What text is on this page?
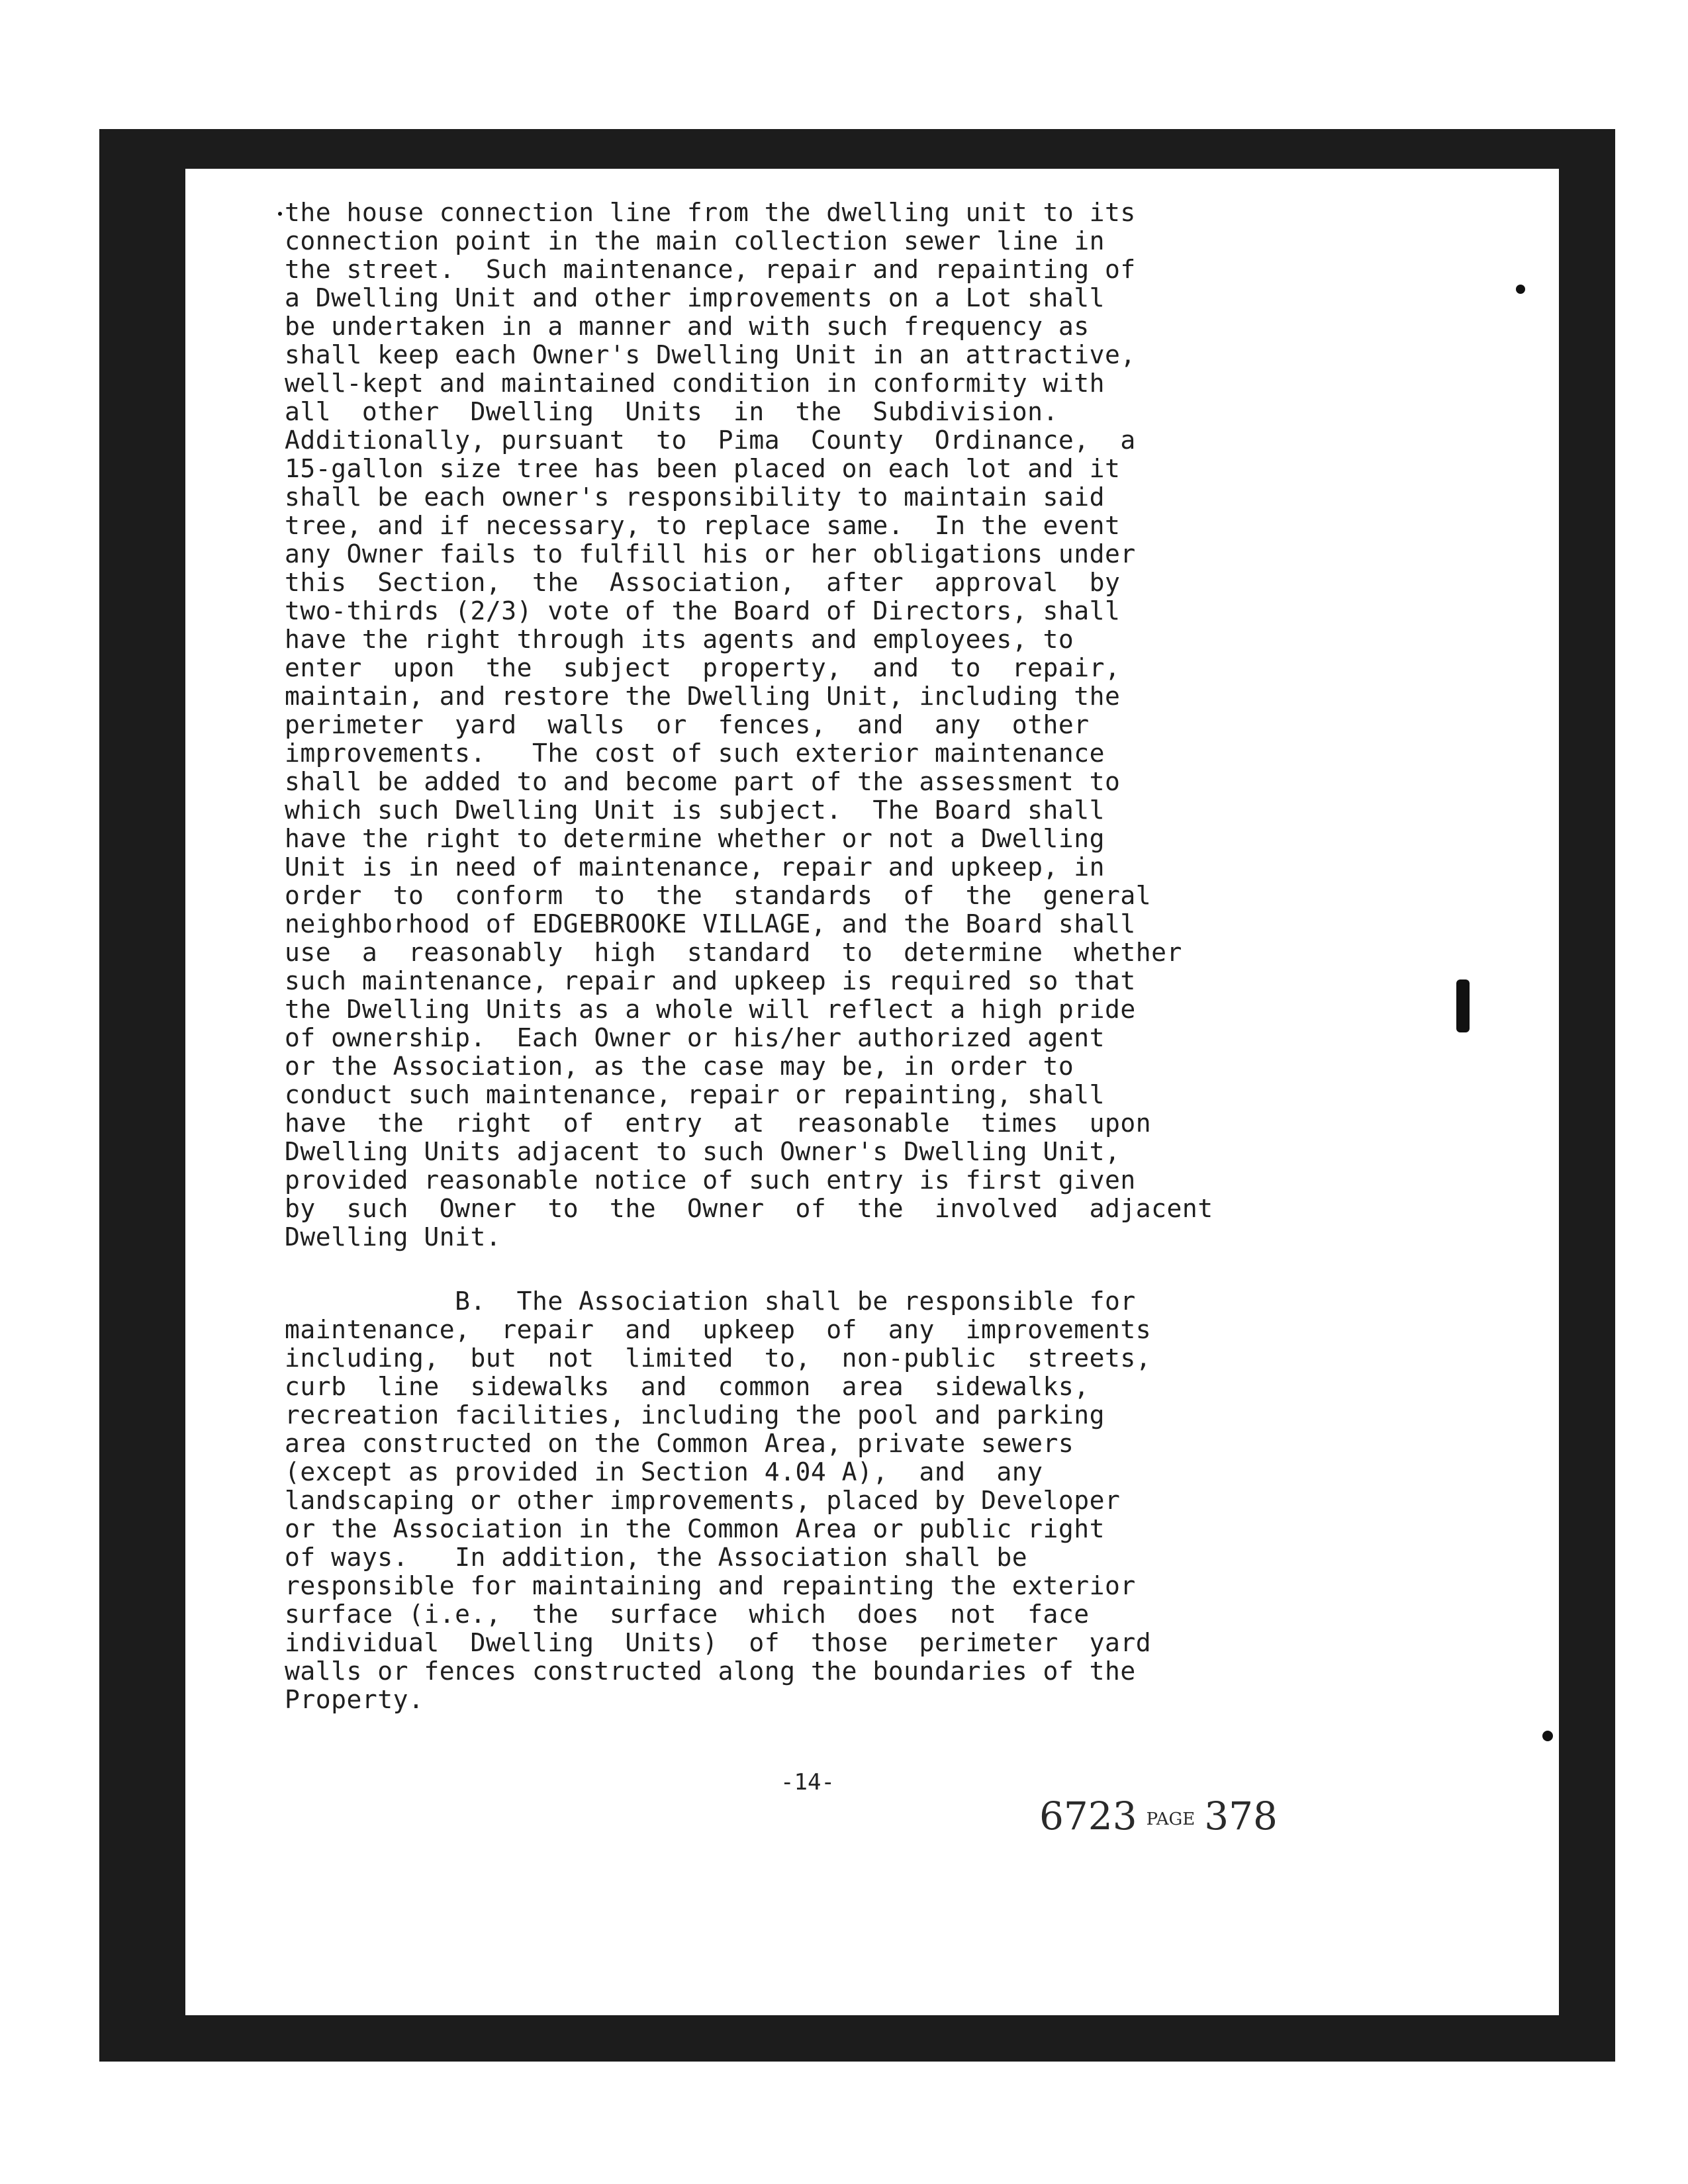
the house connection line from the dwelling unit to its
connection point in the main collection sewer line in
the street.  Such maintenance, repair and repainting of
a Dwelling Unit and other improvements on a Lot shall
be undertaken in a manner and with such frequency as
shall keep each Owner's Dwelling Unit in an attractive,
well-kept and maintained condition in conformity with
all  other  Dwelling  Units  in  the  Subdivision.
Additionally, pursuant  to  Pima  County  Ordinance,  a
15-gallon size tree has been placed on each lot and it
shall be each owner's responsibility to maintain said
tree, and if necessary, to replace same.  In the event
any Owner fails to fulfill his or her obligations under
this  Section,  the  Association,  after  approval  by
two-thirds (2/3) vote of the Board of Directors, shall
have the right through its agents and employees, to
enter  upon  the  subject  property,  and  to  repair,
maintain, and restore the Dwelling Unit, including the
perimeter  yard  walls  or  fences,  and  any  other
improvements.   The cost of such exterior maintenance
shall be added to and become part of the assessment to
which such Dwelling Unit is subject.  The Board shall
have the right to determine whether or not a Dwelling
Unit is in need of maintenance, repair and upkeep, in
order  to  conform  to  the  standards  of  the  general
neighborhood of EDGEBROOKE VILLAGE, and the Board shall
use  a  reasonably  high  standard  to  determine  whether
such maintenance, repair and upkeep is required so that
the Dwelling Units as a whole will reflect a high pride
of ownership.  Each Owner or his/her authorized agent
or the Association, as the case may be, in order to
conduct such maintenance, repair or repainting, shall
have  the  right  of  entry  at  reasonable  times  upon
Dwelling Units adjacent to such Owner's Dwelling Unit,
provided reasonable notice of such entry is first given
by  such  Owner  to  the  Owner  of  the  involved  adjacent
Dwelling Unit.
B.  The Association shall be responsible for
maintenance,  repair  and  upkeep  of  any  improvements
including,  but  not  limited  to,  non-public  streets,
curb  line  sidewalks  and  common  area  sidewalks,
recreation facilities, including the pool and parking
area constructed on the Common Area, private sewers
(except as provided in Section 4.04 A),  and  any
landscaping or other improvements, placed by Developer
or the Association in the Common Area or public right
of ways.   In addition, the Association shall be
responsible for maintaining and repainting the exterior
surface (i.e.,  the  surface  which  does  not  face
individual  Dwelling  Units)  of  those  perimeter  yard
walls or fences constructed along the boundaries of the
Property.
-14-
6723 PAGE 378
